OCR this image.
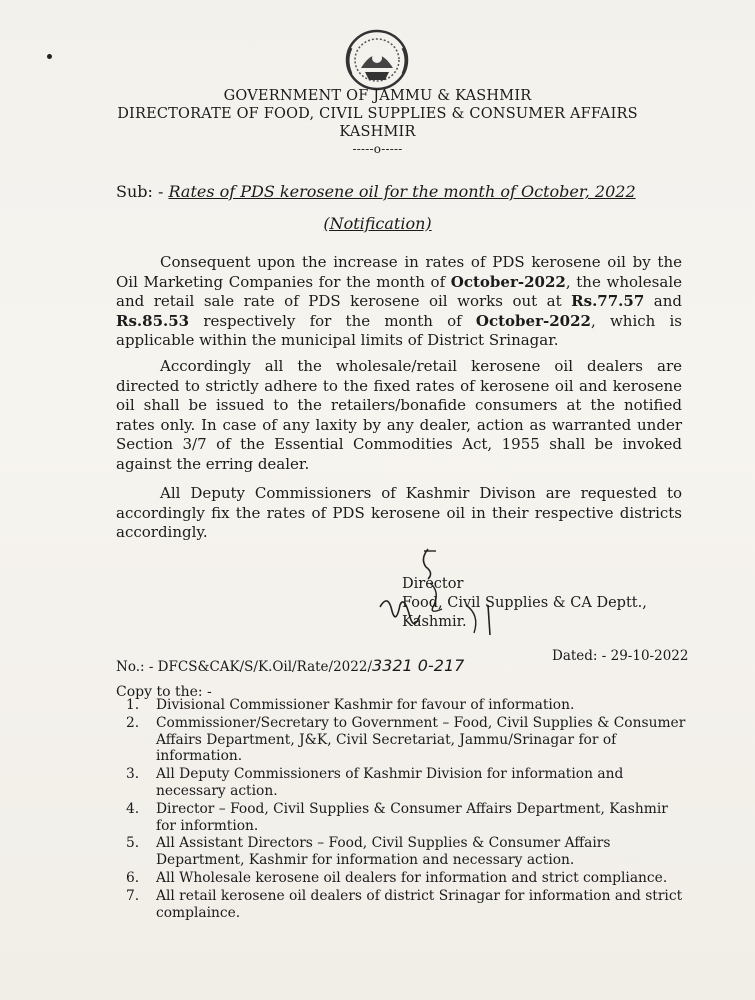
GOVERNMENT OF JAMMU & KASHMIR
DIRECTORATE OF FOOD, CIVIL SUPPLIES & CONSUMER AFFAIRS
KASHMIR
-----o-----
Sub: - Rates of PDS kerosene oil for the month of October, 2022
(Notification)

Consequent upon the increase in rates of PDS kerosene oil by the Oil Marketing Companies for the month of October-2022, the wholesale and retail sale rate of PDS kerosene oil works out at Rs.77.57 and Rs.85.53 respectively for the month of October-2022, which is applicable within the municipal limits of District Srinagar.

Accordingly all the wholesale/retail kerosene oil dealers are directed to strictly adhere to the fixed rates of kerosene oil and kerosene oil shall be issued to the retailers/bonafide consumers at the notified rates only. In case of any laxity by any dealer, action as warranted under Section 3/7 of the Essential Commodities Act, 1955 shall be invoked against the erring dealer.

All Deputy Commissioners of Kashmir Divison are requested to accordingly fix the rates of PDS kerosene oil in their respective districts accordingly.

Director
Food, Civil Supplies & CA Deptt.,
Kashmir.
No.: - DFCS&CAK/S/K.Oil/Rate/2022/3321 0-217	Dated: - 29-10-2022
Copy to the: -
1. Divisional Commissioner Kashmir for favour of information.
2. Commissioner/Secretary to Government – Food, Civil Supplies & Consumer Affairs Department, J&K, Civil Secretariat, Jammu/Srinagar for of information.
3. All Deputy Commissioners of Kashmir Division for information and necessary action.
4. Director – Food, Civil Supplies & Consumer Affairs Department, Kashmir for informtion.
5. All Assistant Directors – Food, Civil Supplies & Consumer Affairs Department, Kashmir for information and necessary action.
6. All Wholesale kerosene oil dealers for information and strict compliance.
7. All retail kerosene oil dealers of district Srinagar for information and strict complaince.
